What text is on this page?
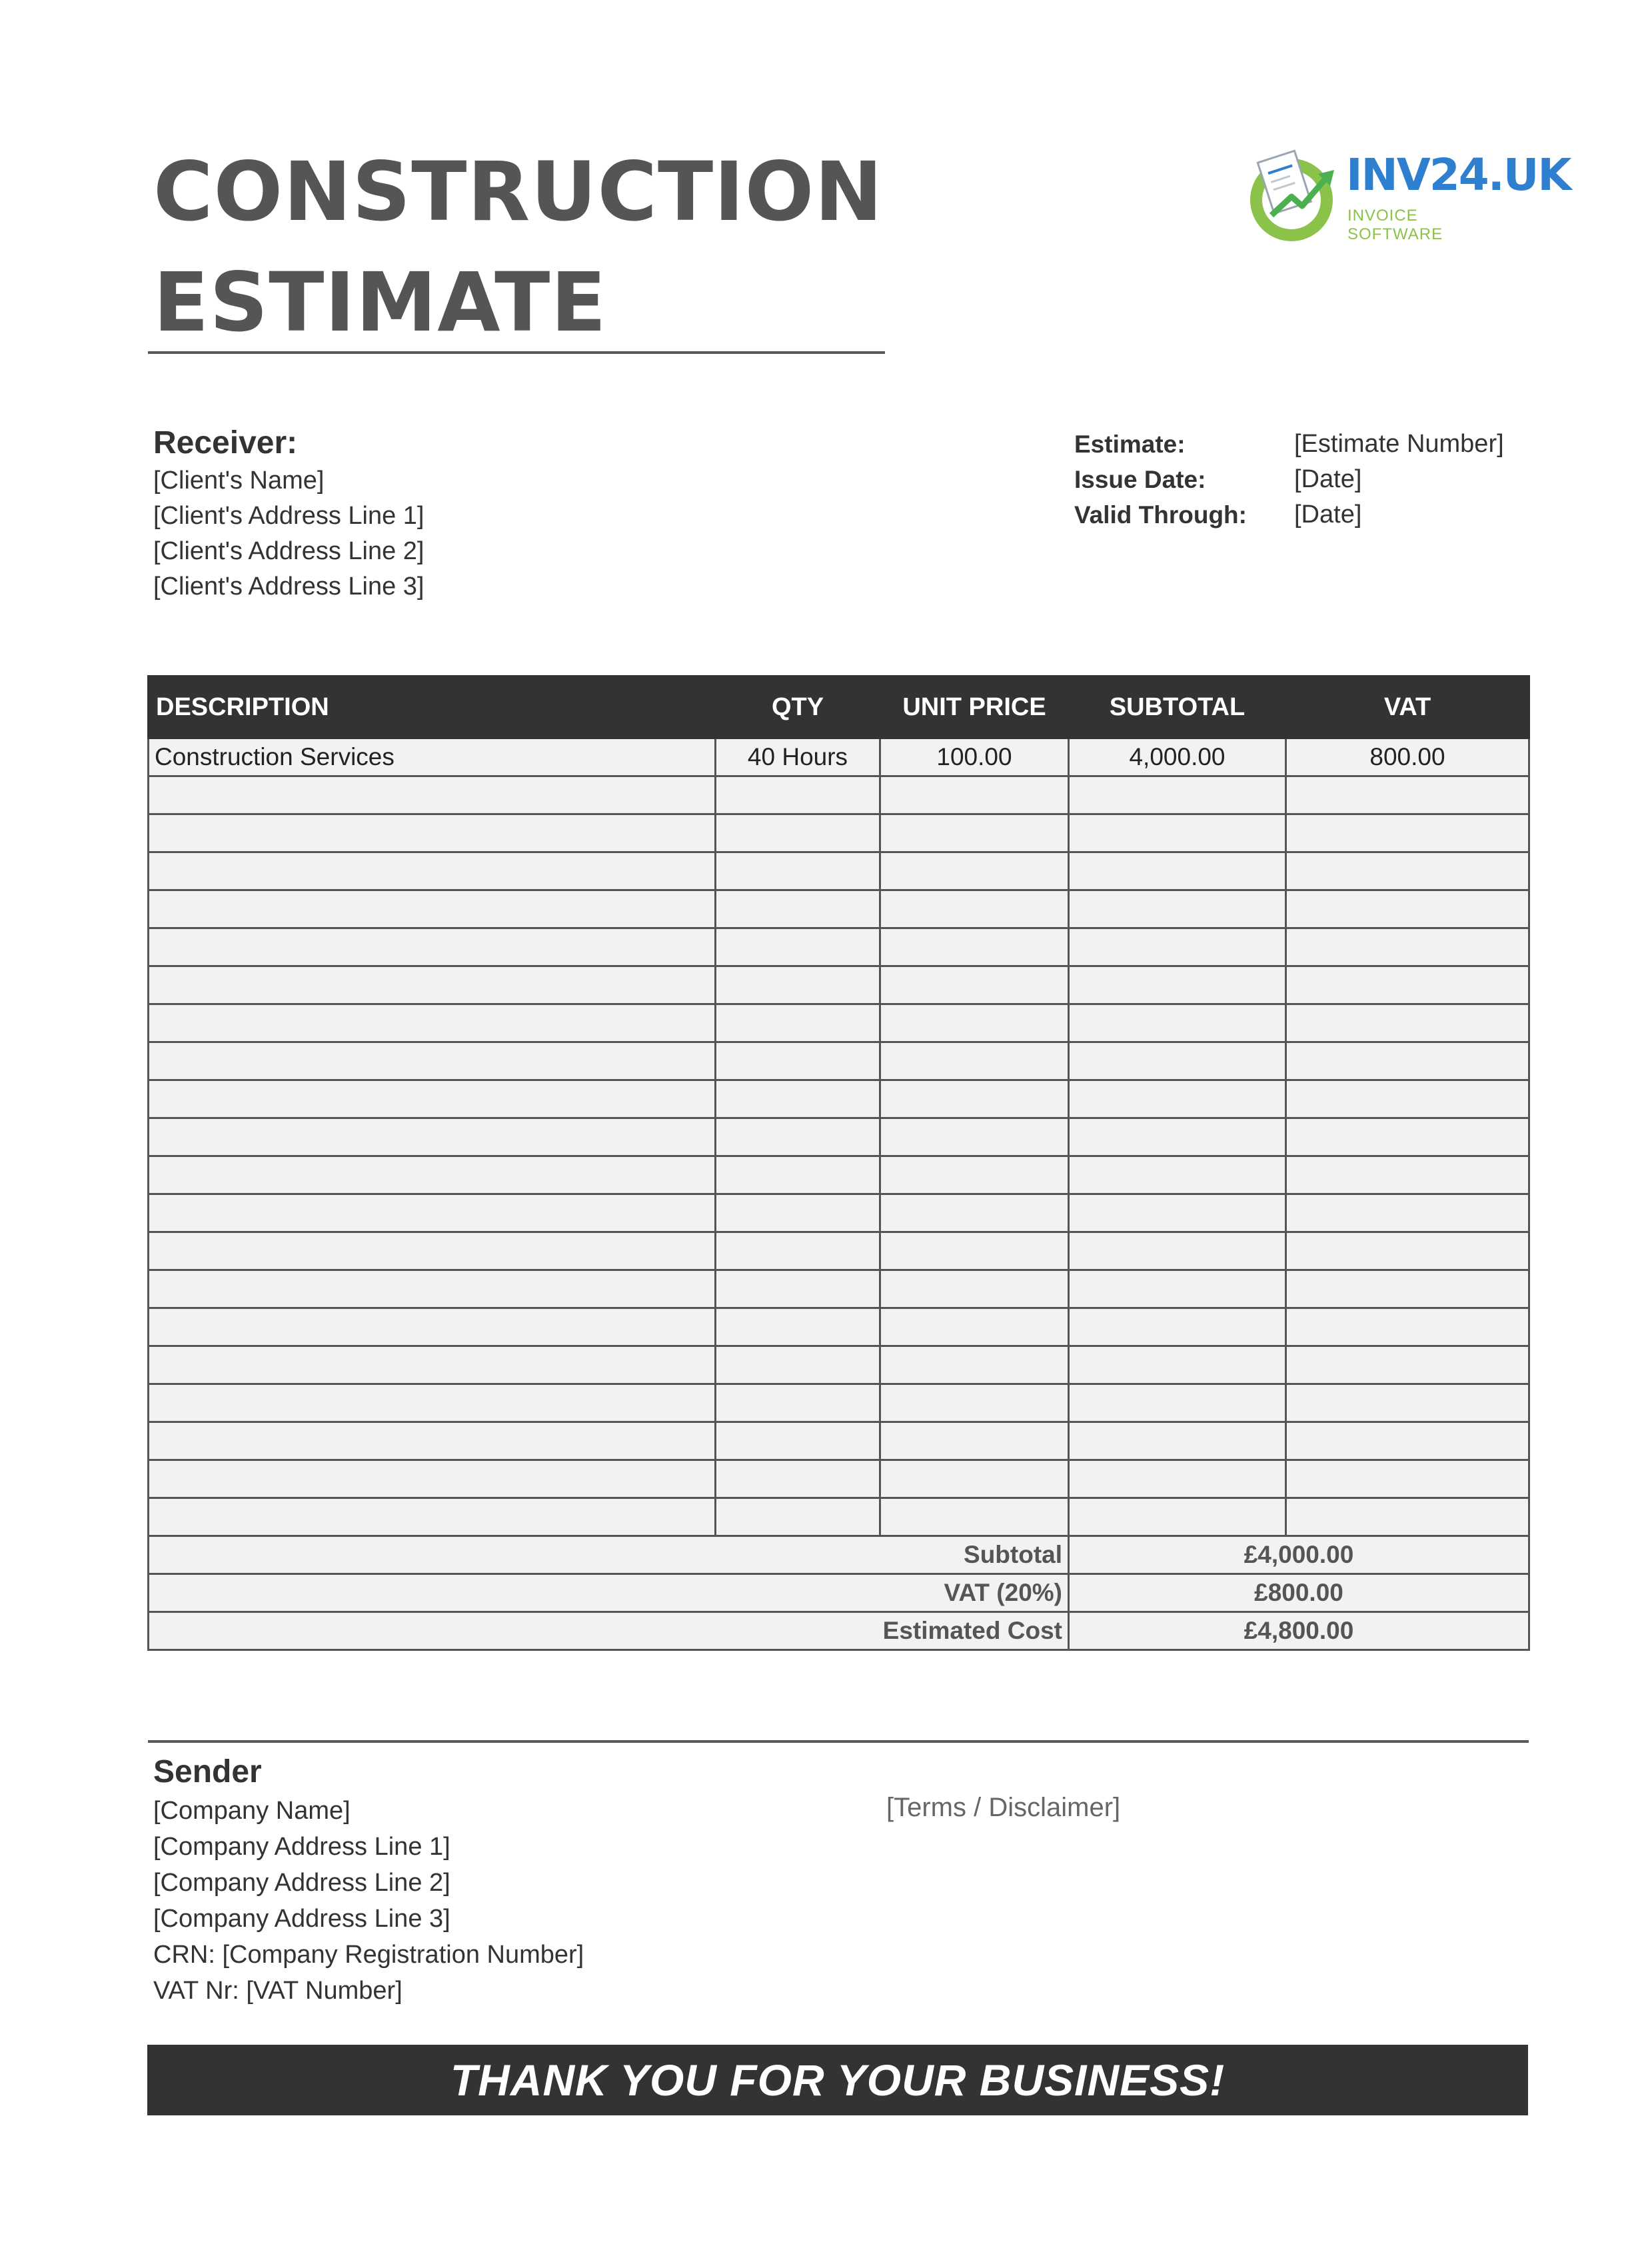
CONSTRUCTION
ESTIMATE
INV24.UK
INVOICE SOFTWARE
Receiver:
[Client's Name]
[Client's Address Line 1]
[Client's Address Line 2]
[Client's Address Line 3]
Estimate:	[Estimate Number]
Issue Date:	[Date]
Valid Through:	[Date]
DESCRIPTION	QTY	UNIT PRICE	SUBTOTAL	VAT
Construction Services	40 Hours	100.00	4,000.00	800.00

Subtotal			£4,000.00	
VAT (20%)			£800.00	
Estimated Cost			£4,800.00	
Sender
[Company Name]
[Company Address Line 1]
[Company Address Line 2]
[Company Address Line 3]
CRN: [Company Registration Number]
VAT Nr: [VAT Number]
[Terms / Disclaimer]
THANK YOU FOR YOUR BUSINESS!
